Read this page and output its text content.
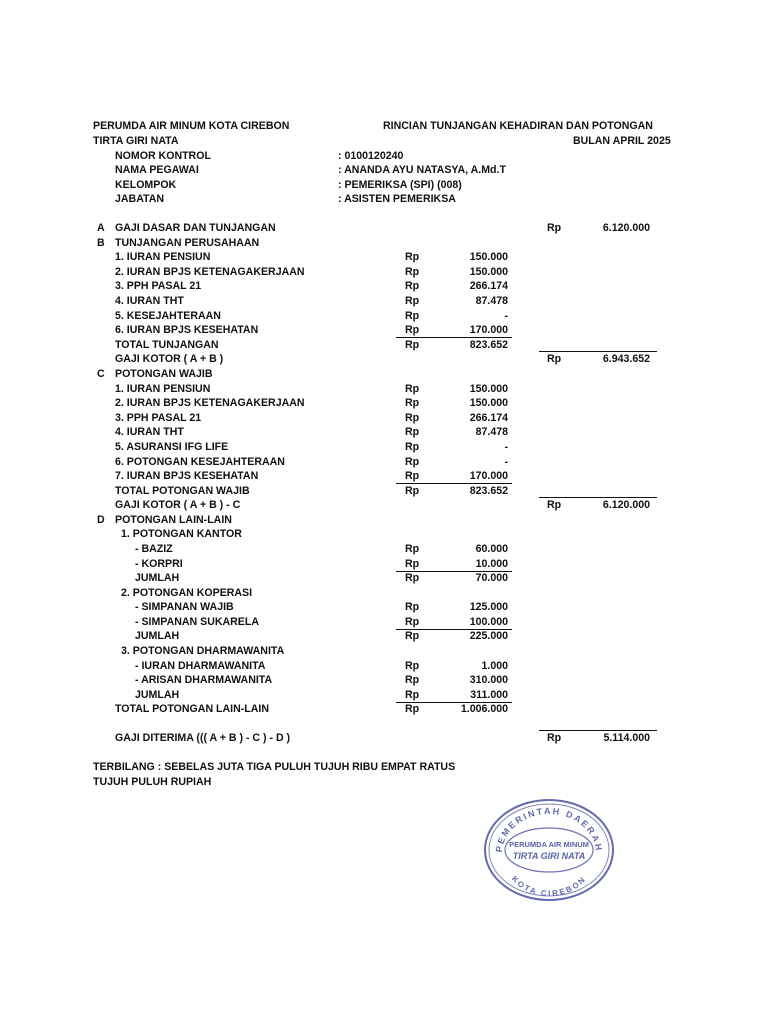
PERUMDA AIR MINUM KOTA CIREBON
TIRTA GIRI NATA
RINCIAN TUNJANGAN KEHADIRAN DAN POTONGAN
BULAN APRIL 2025
NOMOR KONTROL	: 0100120240
NAMA PEGAWAI	: ANANDA AYU NATASYA, A.Md.T
KELOMPOK	: PEMERIKSA (SPI) (008)
JABATAN	: ASISTEN PEMERIKSA
A GAJI DASAR DAN TUNJANGAN	Rp	6.120.000
B TUNJANGAN PERUSAHAAN
1. IURAN PENSIUN	Rp	150.000
2. IURAN BPJS KETENAGAKERJAAN	Rp	150.000
3. PPH PASAL 21	Rp	266.174
4. IURAN THT	Rp	87.478
5. KESEJAHTERAAN	Rp	-
6. IURAN BPJS KESEHATAN	Rp	170.000
TOTAL TUNJANGAN	Rp	823.652
GAJI KOTOR ( A + B )	Rp	6.943.652
C POTONGAN WAJIB
1. IURAN PENSIUN	Rp	150.000
2. IURAN BPJS KETENAGAKERJAAN	Rp	150.000
3. PPH PASAL 21	Rp	266.174
4. IURAN THT	Rp	87.478
5. ASURANSI IFG LIFE	Rp	-
6. POTONGAN KESEJAHTERAAN	Rp	-
7. IURAN BPJS KESEHATAN	Rp	170.000
TOTAL POTONGAN WAJIB	Rp	823.652
GAJI KOTOR ( A + B ) - C	Rp	6.120.000
D POTONGAN LAIN-LAIN
1. POTONGAN KANTOR
- BAZIZ	Rp	60.000
- KORPRI	Rp	10.000
JUMLAH	Rp	70.000
2. POTONGAN KOPERASI
- SIMPANAN WAJIB	Rp	125.000
- SIMPANAN SUKARELA	Rp	100.000
JUMLAH	Rp	225.000
3. POTONGAN DHARMAWANITA
- IURAN DHARMAWANITA	Rp	1.000
- ARISAN DHARMAWANITA	Rp	310.000
JUMLAH	Rp	311.000
TOTAL POTONGAN LAIN-LAIN	Rp	1.006.000
GAJI DITERIMA ((( A + B ) - C ) - D )	Rp	5.114.000
TERBILANG : SEBELAS JUTA TIGA PULUH TUJUH RIBU EMPAT RATUS
TUJUH PULUH RUPIAH
PEMERINTAH DAERAH
KOTA CIREBON
PERUMDA AIR MINUM
TIRTA GIRI NATA
